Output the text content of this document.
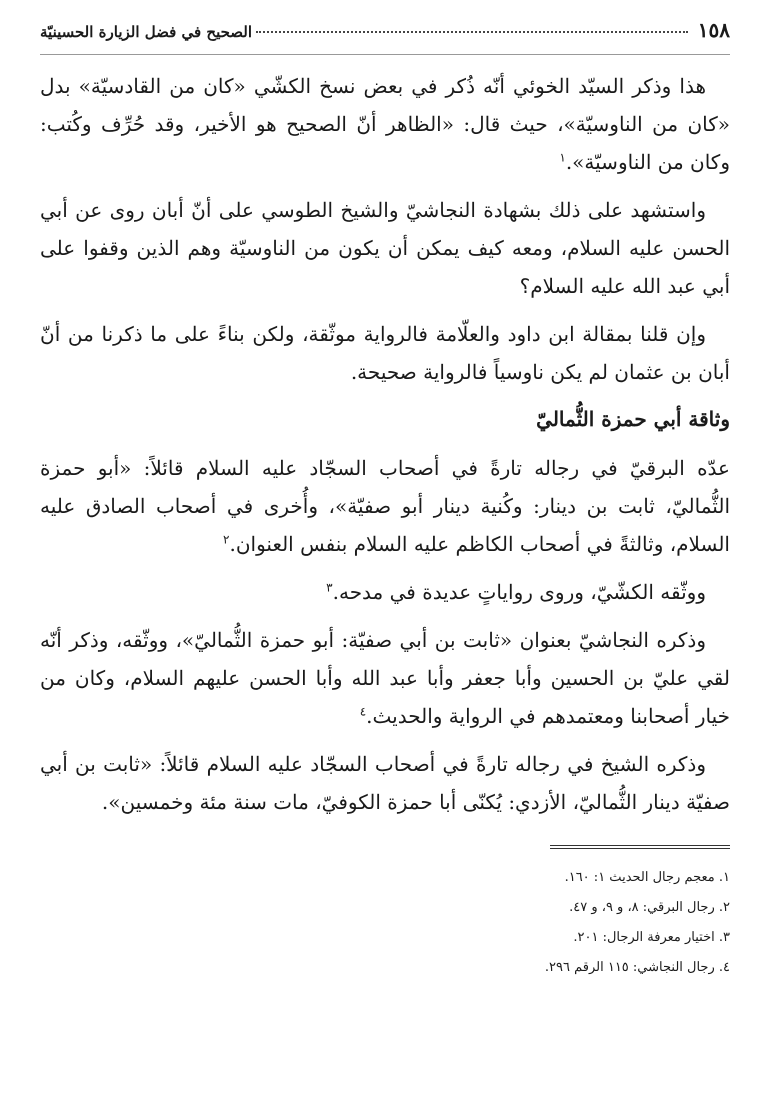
١٥٨
الصحيح في فضل الزيارة الحسينيّة

هذا وذكر السيّد الخوئي أنّه ذُكر في بعض نسخ الكشّي «كان من القادسيّة» بدل «كان من الناوسيّة»، حيث قال: «الظاهر أنّ الصحيح هو الأخير، وقد حُرِّف وكُتب: وكان من الناوسيّة».$^١$

واستشهد على ذلك بشهادة النجاشيّ والشيخ الطوسي على أنّ أبان روى عن أبي الحسن عليه السلام، ومعه كيف يمكن أن يكون من الناوسيّة وهم الذين وقفوا على أبي عبد الله عليه السلام؟

وإن قلنا بمقالة ابن داود والعلّامة فالرواية موثّقة، ولكن بناءً على ما ذكرنا من أنّ أبان بن عثمان لم يكن ناوسياً فالرواية صحيحة.

وثاقة أبي حمزة الثُّماليّ

عدّه البرقيّ في رجاله تارةً في أصحاب السجّاد عليه السلام قائلاً: «أبو حمزة الثُّماليّ، ثابت بن دينار: وكُنية دينار أبو صفيّة»، وأُخرى في أصحاب الصادق عليه السلام، وثالثةً في أصحاب الكاظم عليه السلام بنفس العنوان.$^٢$

ووثّقه الكشّيّ، وروى رواياتٍ عديدة في مدحه.$^٣$

وذكره النجاشيّ بعنوان «ثابت بن أبي صفيّة: أبو حمزة الثُّماليّ»، ووثّقه، وذكر أنّه لقي عليّ بن الحسين وأبا جعفر وأبا عبد الله وأبا الحسن عليهم السلام، وكان من خيار أصحابنا ومعتمدهم في الرواية والحديث.$^٤$

وذكره الشيخ في رجاله تارةً في أصحاب السجّاد عليه السلام قائلاً: «ثابت بن أبي صفيّة دينار الثُّماليّ، الأزدي: يُكنّى أبا حمزة الكوفيّ، مات سنة مئة وخمسين».

١. معجم رجال الحديث ١: ١٦٠.

٢. رجال البرقي: ٨، و ٩، و ٤٧.

٣. اختيار معرفة الرجال: ٢٠١.

٤. رجال النجاشي: ١١٥ الرقم ٢٩٦.
